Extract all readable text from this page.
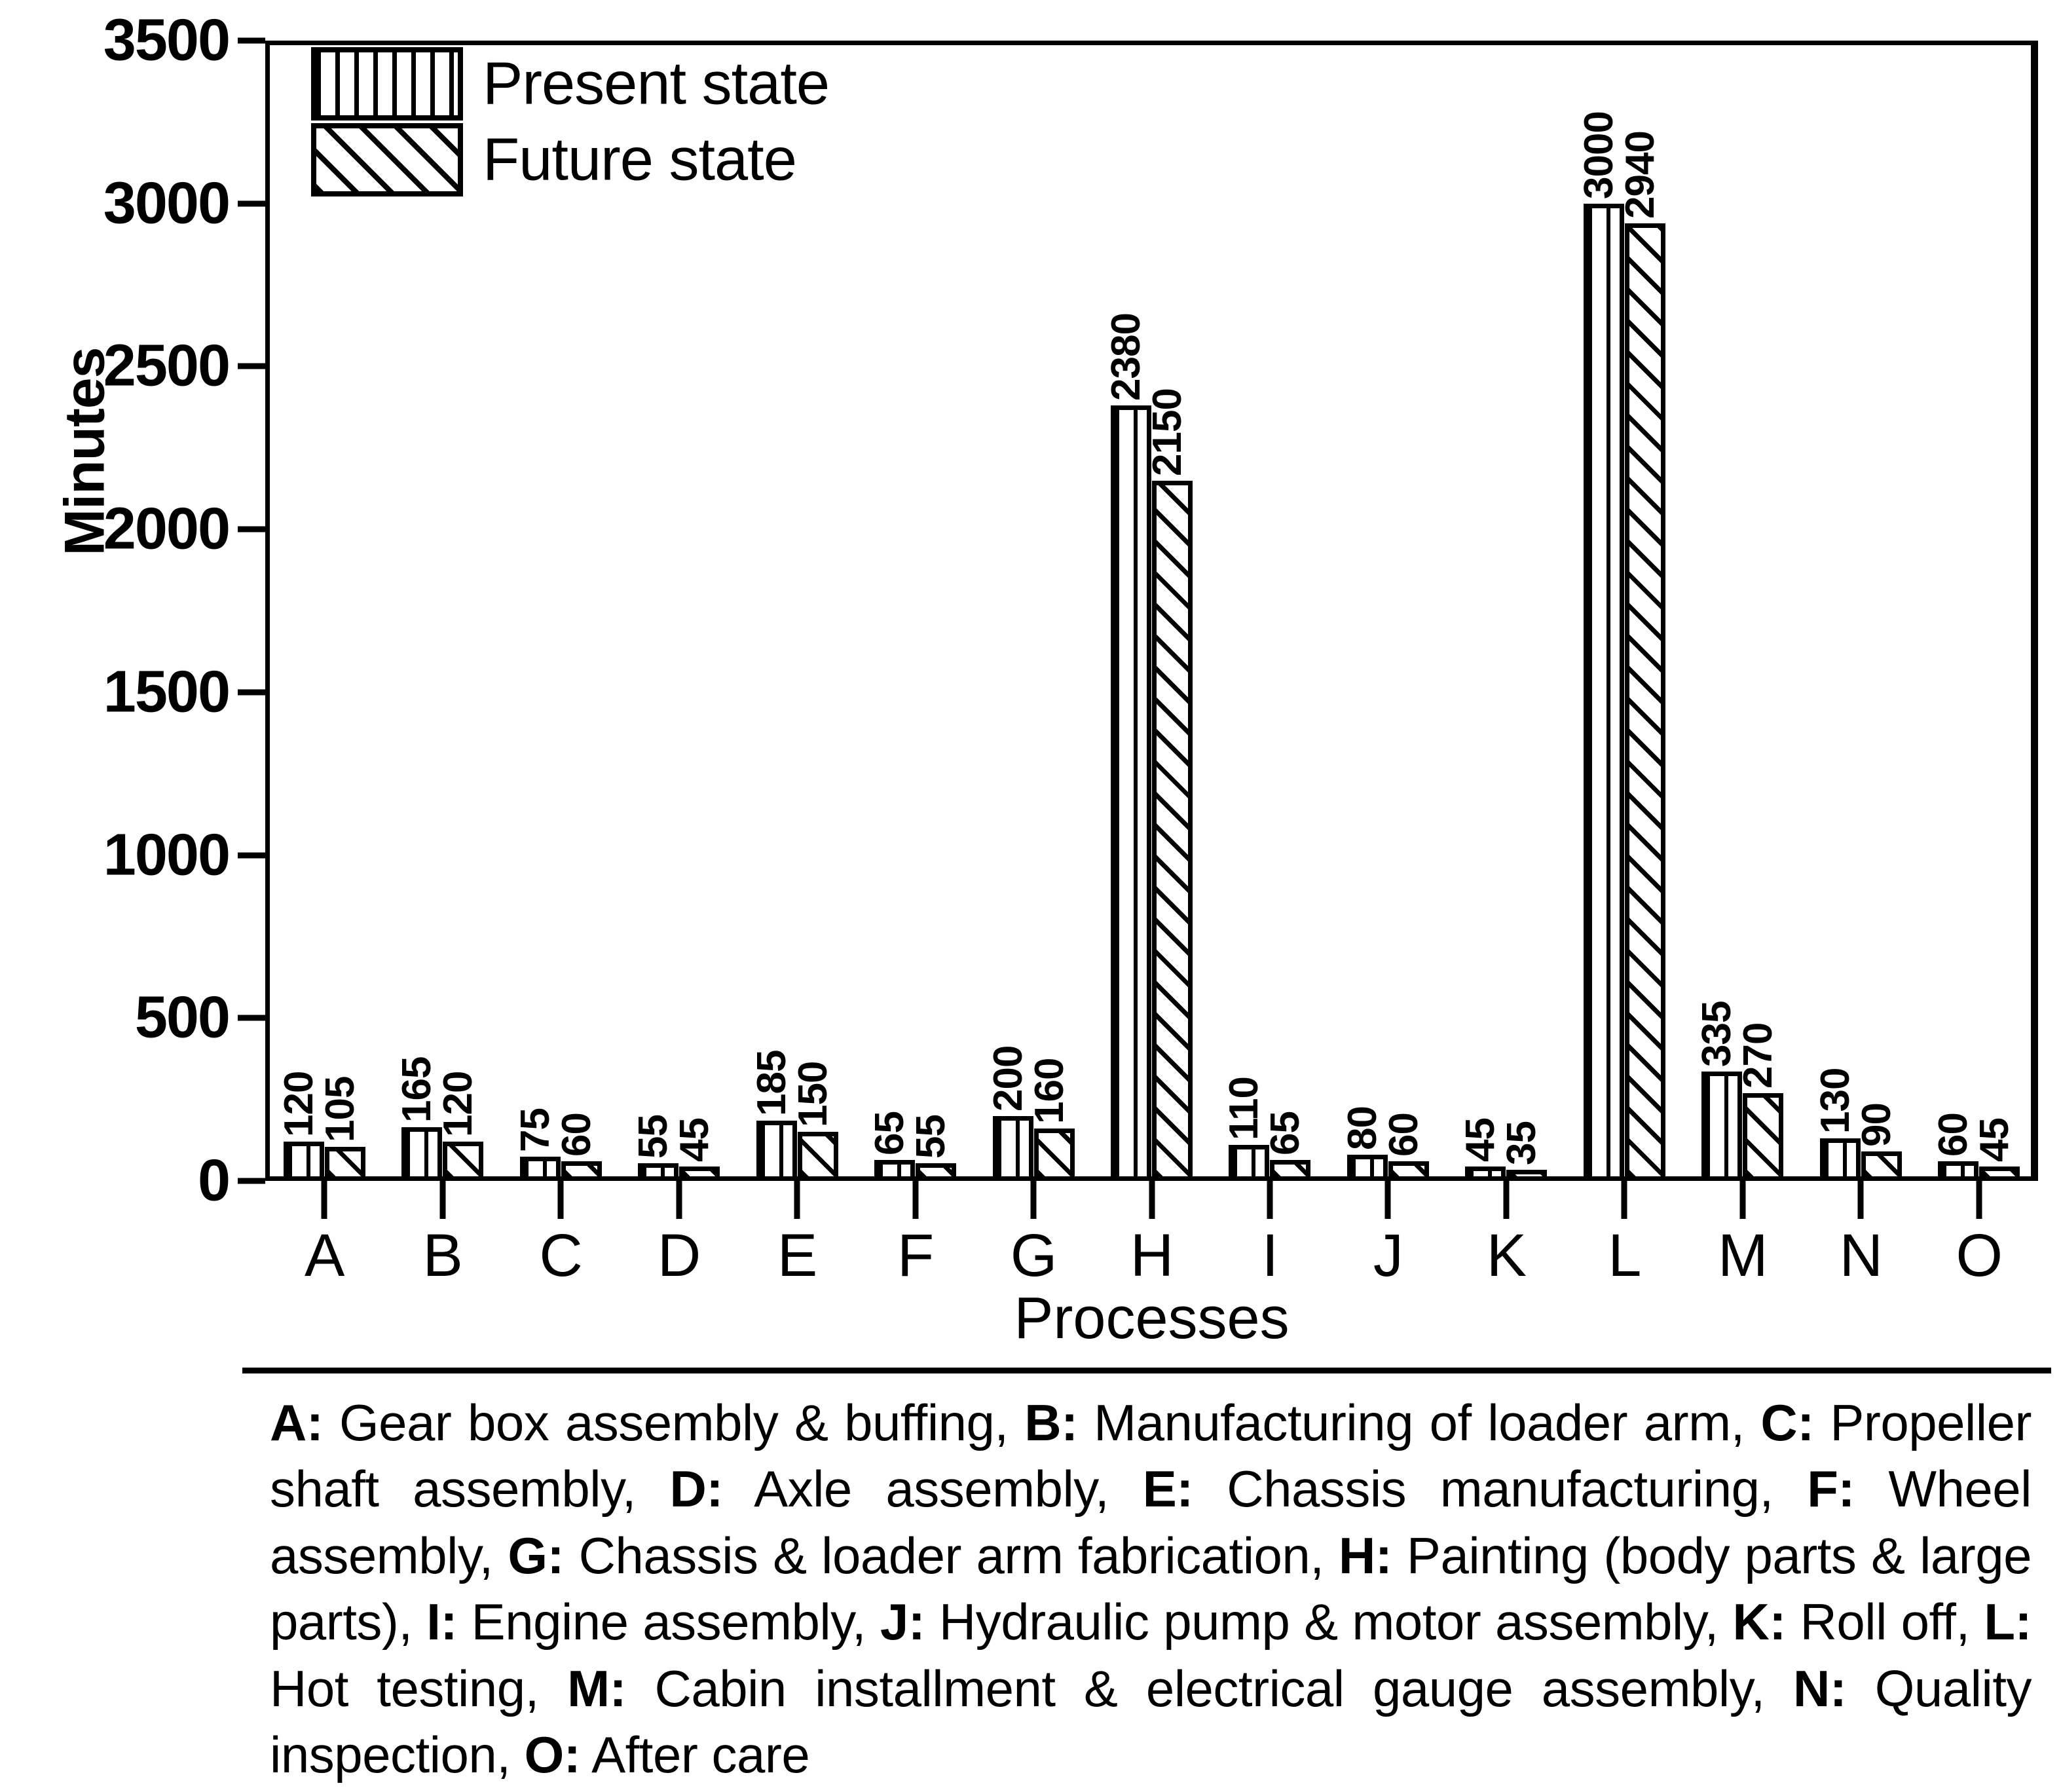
0
500
1000
1500
2000
2500
3000
3500
Minutes
120
105 165
120 75
60 55
45
185
150
65
55
200
160
2380
2150
110
65 80
60 45
35
3000
2940
335
270
130
90 60
45
Present state
Future state
A B C D E F G H I J K L M N O
Processes
A: Gear box assembly & buffing, B: Manufacturing of loader arm, C: Propeller shaft assembly, D: Axle assembly, E: Chassis manufacturing, F: Wheel assembly, G: Chassis & loader arm fabrication, H: Painting (body parts & large parts), I: Engine assembly, J: Hydraulic pump & motor assembly, K: Roll off, L: Hot testing, M: Cabin installment & electrical gauge assembly, N: Quality inspection, O: After care
